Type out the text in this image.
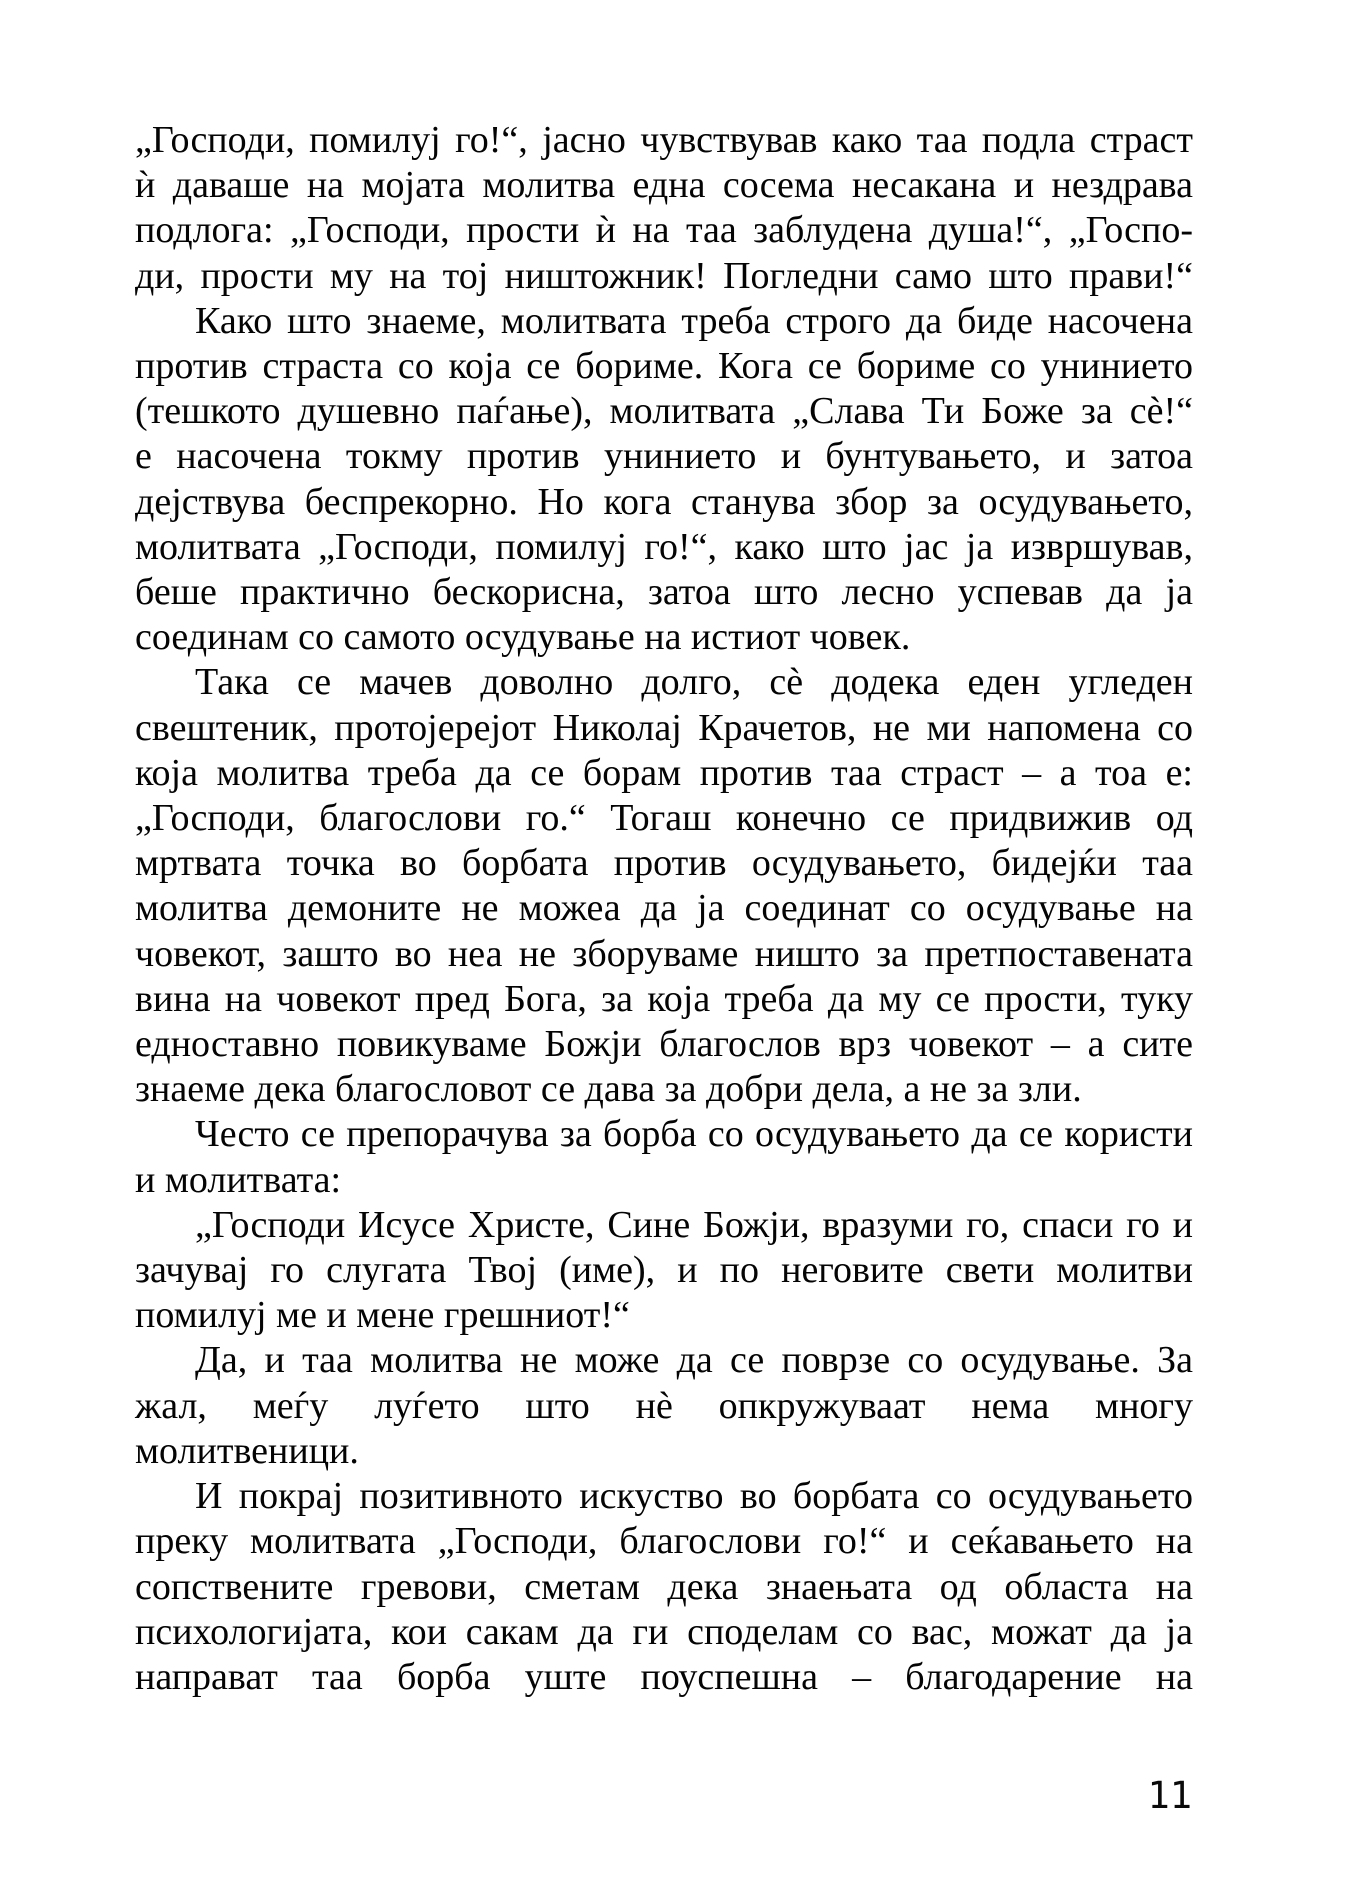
„Господи, помилуј го!“, јасно чувствував како таа подла страст
ѝ даваше на мојата молитва една сосема несакана и нездрава
подлога: „Господи, прости ѝ на таа заблудена душа!“, „Госпо-
ди, прости му на тој ништожник! Погледни само што прави!“

Како што знаеме, молитвата треба строго да биде насочена
против страста со која се бориме. Кога се бориме со унинието
(тешкото душевно паѓање), молитвата „Слава Ти Боже за сѐ!“
е насочена токму против унинието и бунтувањето, и затоа
дејствува беспрекорно. Но кога станува збор за осудувањето,
молитвата „Господи, помилуј го!“, како што јас ја извршував,
беше практично бескорисна, затоа што лесно успевав да ја
соединам со самото осудување на истиот човек.

Така се мачев доволно долго, сѐ додека еден угледен
свештеник, протојерејот Николај Крачетов, не ми напомена со
која молитва треба да се борам против таа страст – а тоа е:
„Господи, благослови го.“ Тогаш конечно се придвижив од
мртвата точка во борбата против осудувањето, бидејќи таа
молитва демоните не можеа да ја соединат со осудување на
човекот, зашто во неа не зборуваме ништо за претпоставената
вина на човекот пред Бога, за која треба да му се прости, туку
едноставно повикуваме Божји благослов врз човекот – а сите
знаеме дека благословот се дава за добри дела, а не за зли.

Често се препорачува за борба со осудувањето да се користи
и молитвата:

„Господи Исусе Христе, Сине Божји, вразуми го, спаси го и
зачувај го слугата Твој (име), и по неговите свети молитви
помилуј ме и мене грешниот!“

Да, и таа молитва не може да се поврзе со осудување. За
жал, меѓу луѓето што нѐ опкружуваат нема многу
молитвеници.

И покрај позитивното искуство во борбата со осудувањето
преку молитвата „Господи, благослови го!“ и сеќавањето на
сопствените гревови, сметам дека знаењата од областа на
психологијата, кои сакам да ги споделам со вас, можат да ја
направат таа борба уште поуспешна – благодарение на

11
